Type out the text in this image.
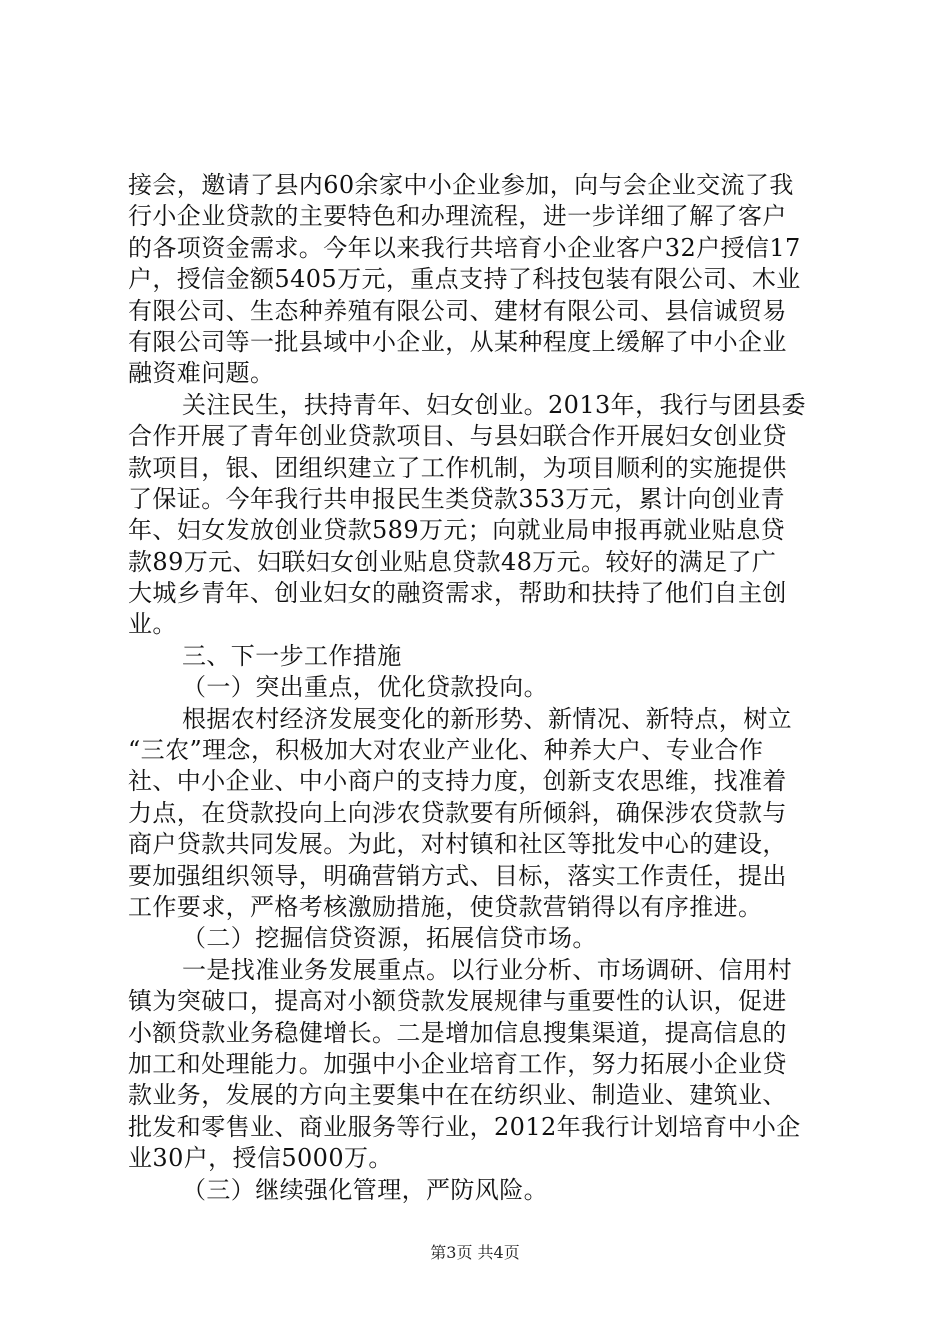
接会，邀请了县内60余家中小企业参加，向与会企业交流了我
行小企业贷款的主要特色和办理流程，进一步详细了解了客户
的各项资金需求。今年以来我行共培育小企业客户32户授信17
户，授信金额5405万元，重点支持了科技包装有限公司、木业
有限公司、生态种养殖有限公司、建材有限公司、县信诚贸易
有限公司等一批县域中小企业，从某种程度上缓解了中小企业
融资难问题。
关注民生，扶持青年、妇女创业。2013年，我行与团县委
合作开展了青年创业贷款项目、与县妇联合作开展妇女创业贷
款项目，银、团组织建立了工作机制，为项目顺利的实施提供
了保证。今年我行共申报民生类贷款353万元，累计向创业青
年、妇女发放创业贷款589万元；向就业局申报再就业贴息贷
款89万元、妇联妇女创业贴息贷款48万元。较好的满足了广
大城乡青年、创业妇女的融资需求，帮助和扶持了他们自主创
业。
三、下一步工作措施
（一）突出重点，优化贷款投向。
根据农村经济发展变化的新形势、新情况、新特点，树立
“三农”理念，积极加大对农业产业化、种养大户、专业合作
社、中小企业、中小商户的支持力度，创新支农思维，找准着
力点，在贷款投向上向涉农贷款要有所倾斜，确保涉农贷款与
商户贷款共同发展。为此，对村镇和社区等批发中心的建设，
要加强组织领导，明确营销方式、目标，落实工作责任，提出
工作要求，严格考核激励措施，使贷款营销得以有序推进。
（二）挖掘信贷资源，拓展信贷市场。
一是找准业务发展重点。以行业分析、市场调研、信用村
镇为突破口，提高对小额贷款发展规律与重要性的认识，促进
小额贷款业务稳健增长。二是增加信息搜集渠道，提高信息的
加工和处理能力。加强中小企业培育工作，努力拓展小企业贷
款业务，发展的方向主要集中在在纺织业、制造业、建筑业、
批发和零售业、商业服务等行业，2012年我行计划培育中小企
业30户，授信5000万。
（三）继续强化管理，严防风险。
第3页 共4页
